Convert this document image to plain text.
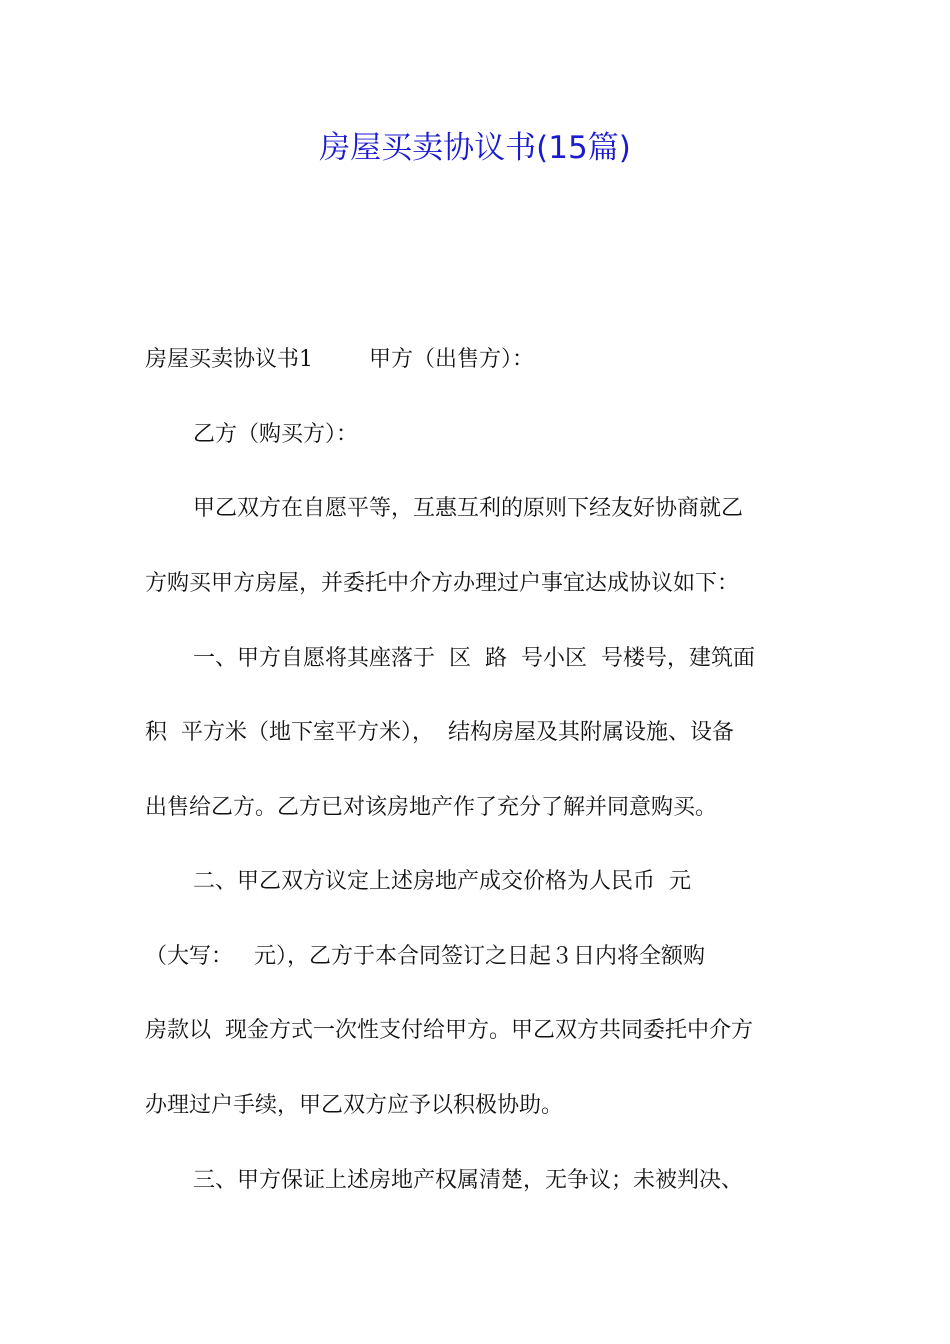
房屋买卖协议书(15篇)

房屋买卖协议书1	甲方（出售方）：

乙方（购买方）：

甲乙双方在自愿平等，互惠互利的原则下经友好协商就乙

方购买甲方房屋，并委托中介方办理过户事宜达成协议如下：

一、甲方自愿将其座落于  区  路  号小区  号楼号，建筑面

积  平方米（地下室平方米），  结构房屋及其附属设施、设备

出售给乙方。乙方已对该房地产作了充分了解并同意购买。

二、甲乙双方议定上述房地产成交价格为人民币  元

（大写：   元），乙方于本合同签订之日起３日内将全额购

房款以  现金方式一次性支付给甲方。甲乙双方共同委托中介方

办理过户手续，甲乙双方应予以积极协助。

三、甲方保证上述房地产权属清楚，无争议；未被判决、
